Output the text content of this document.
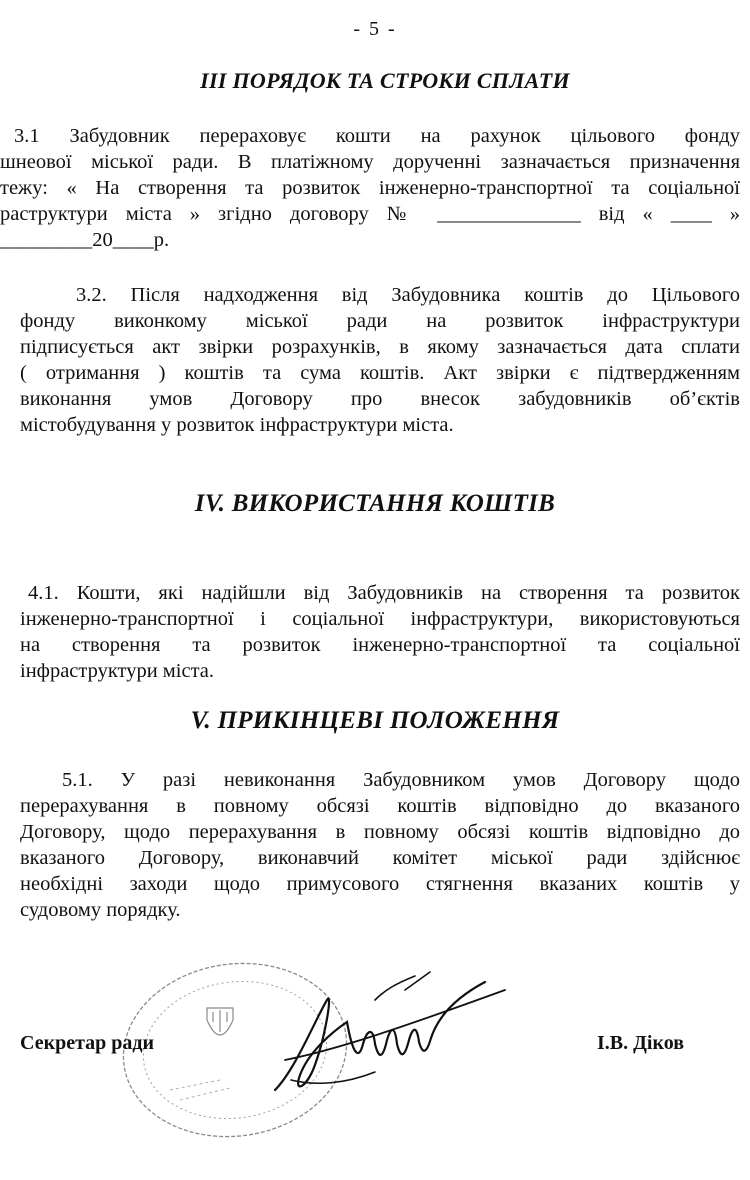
- 5 -
III ПОРЯДОК ТА СТРОКИ СПЛАТИ
3.1 Забудовник перераховує кошти на рахунок цільового фонду
шнеової міської ради. В платіжному дорученні зазначається призначення
тежу: « На створення та розвиток інженерно-транспортної та соціальної
раструктури міста » згідно договору № ______________ від « ____ »
_________20____р.
3.2. Після надходження від Забудовника коштів до Цільового
фонду виконкому міської ради на розвиток інфраструктури
підписується акт звірки розрахунків, в якому зазначається дата сплати
( отримання ) коштів та сума коштів. Акт звірки є підтвердженням
виконання умов Договору про внесок забудовників об’єктів
містобудування у розвиток інфраструктури міста.
IV. ВИКОРИСТАННЯ КОШТІВ
4.1. Кошти, які надійшли від Забудовників на створення та розвиток
інженерно-транспортної і соціальної інфраструктури, використовуються
на створення та розвиток інженерно-транспортної та соціальної
інфраструктури міста.
V. ПРИКІНЦЕВІ ПОЛОЖЕННЯ
5.1. У разі невиконання Забудовником умов Договору щодо
перерахування в повному обсязі коштів відповідно до вказаного
Договору, щодо перерахування в повному обсязі коштів відповідно до
вказаного Договору, виконавчий комітет міської ради здійснює
необхідні заходи щодо примусового стягнення вказаних коштів у
судовому порядку.
Секретар ради	І.В. Діков
